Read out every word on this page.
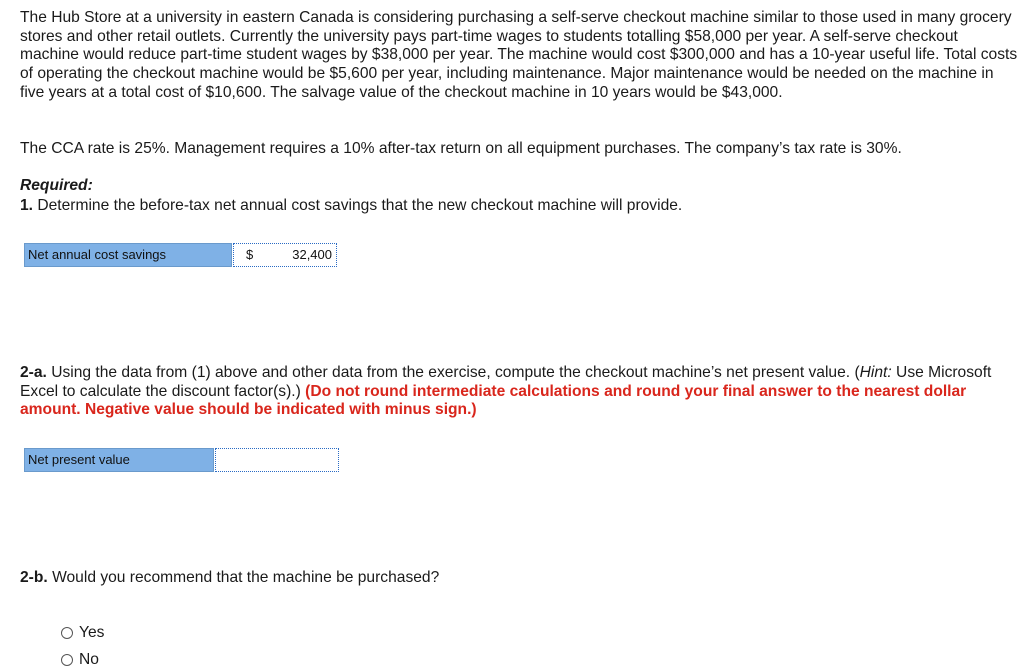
The Hub Store at a university in eastern Canada is considering purchasing a self-serve checkout machine similar to those used in many grocery stores and other retail outlets. Currently the university pays part-time wages to students totalling $58,000 per year. A self-serve checkout machine would reduce part-time student wages by $38,000 per year. The machine would cost $300,000 and has a 10-year useful life. Total costs of operating the checkout machine would be $5,600 per year, including maintenance. Major maintenance would be needed on the machine in five years at a total cost of $10,600. The salvage value of the checkout machine in 10 years would be $43,000.

The CCA rate is 25%. Management requires a 10% after-tax return on all equipment purchases. The company’s tax rate is 30%.

Required:

1. Determine the before-tax net annual cost savings that the new checkout machine will provide.

Net annual cost savings	$	32,400

2-a. Using the data from (1) above and other data from the exercise, compute the checkout machine’s net present value. (Hint: Use Microsoft Excel to calculate the discount factor(s).) (Do not round intermediate calculations and round your final answer to the nearest dollar amount. Negative value should be indicated with minus sign.)

Net present value

2-b. Would you recommend that the machine be purchased?

Yes
No
